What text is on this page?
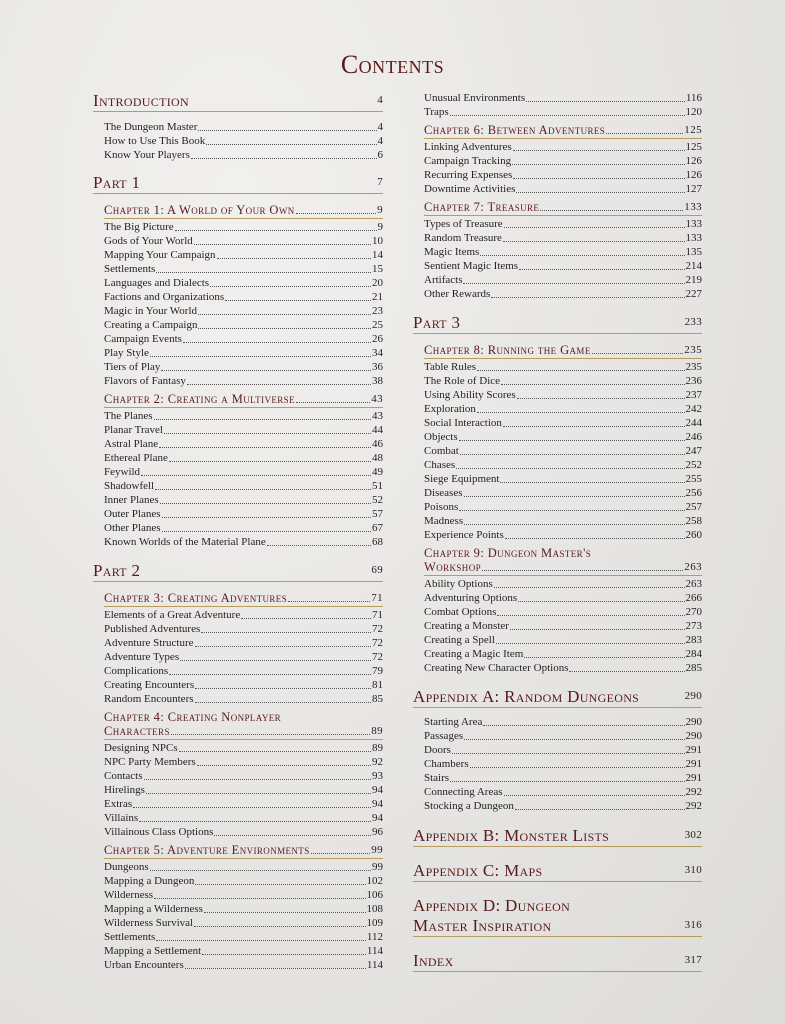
Contents
Introduction	4
The Dungeon Master	4
How to Use This Book	4
Know Your Players	6
Part 1	7
Chapter 1: A World of Your Own	9
The Big Picture	9
Gods of Your World	10
Mapping Your Campaign	14
Settlements	15
Languages and Dialects	20
Factions and Organizations	21
Magic in Your World	23
Creating a Campaign	25
Campaign Events	26
Play Style	34
Tiers of Play	36
Flavors of Fantasy	38
Chapter 2: Creating a Multiverse	43
The Planes	43
Planar Travel	44
Astral Plane	46
Ethereal Plane	48
Feywild	49
Shadowfell	51
Inner Planes	52
Outer Planes	57
Other Planes	67
Known Worlds of the Material Plane	68
Part 2	69
Chapter 3: Creating Adventures	71
Elements of a Great Adventure	71
Published Adventures	72
Adventure Structure	72
Adventure Types	72
Complications	79
Creating Encounters	81
Random Encounters	85
Chapter 4: Creating Nonplayer
Characters	89
Designing NPCs	89
NPC Party Members	92
Contacts	93
Hirelings	94
Extras	94
Villains	94
Villainous Class Options	96
Chapter 5: Adventure Environments	99
Dungeons	99
Mapping a Dungeon	102
Wilderness	106
Mapping a Wilderness	108
Wilderness Survival	109
Settlements	112
Mapping a Settlement	114
Urban Encounters	114
Unusual Environments	116
Traps	120
Chapter 6: Between Adventures	125
Linking Adventures	125
Campaign Tracking	126
Recurring Expenses	126
Downtime Activities	127
Chapter 7: Treasure	133
Types of Treasure	133
Random Treasure	133
Magic Items	135
Sentient Magic Items	214
Artifacts	219
Other Rewards	227
Part 3	233
Chapter 8: Running the Game	235
Table Rules	235
The Role of Dice	236
Using Ability Scores	237
Exploration	242
Social Interaction	244
Objects	246
Combat	247
Chases	252
Siege Equipment	255
Diseases	256
Poisons	257
Madness	258
Experience Points	260
Chapter 9: Dungeon Master's
Workshop	263
Ability Options	263
Adventuring Options	266
Combat Options	270
Creating a Monster	273
Creating a Spell	283
Creating a Magic Item	284
Creating New Character Options	285
Appendix A: Random Dungeons	290
Starting Area	290
Passages	290
Doors	291
Chambers	291
Stairs	291
Connecting Areas	292
Stocking a Dungeon	292
Appendix B: Monster Lists	302
Appendix C: Maps	310
Appendix D: Dungeon
Master Inspiration	316
Index	317
